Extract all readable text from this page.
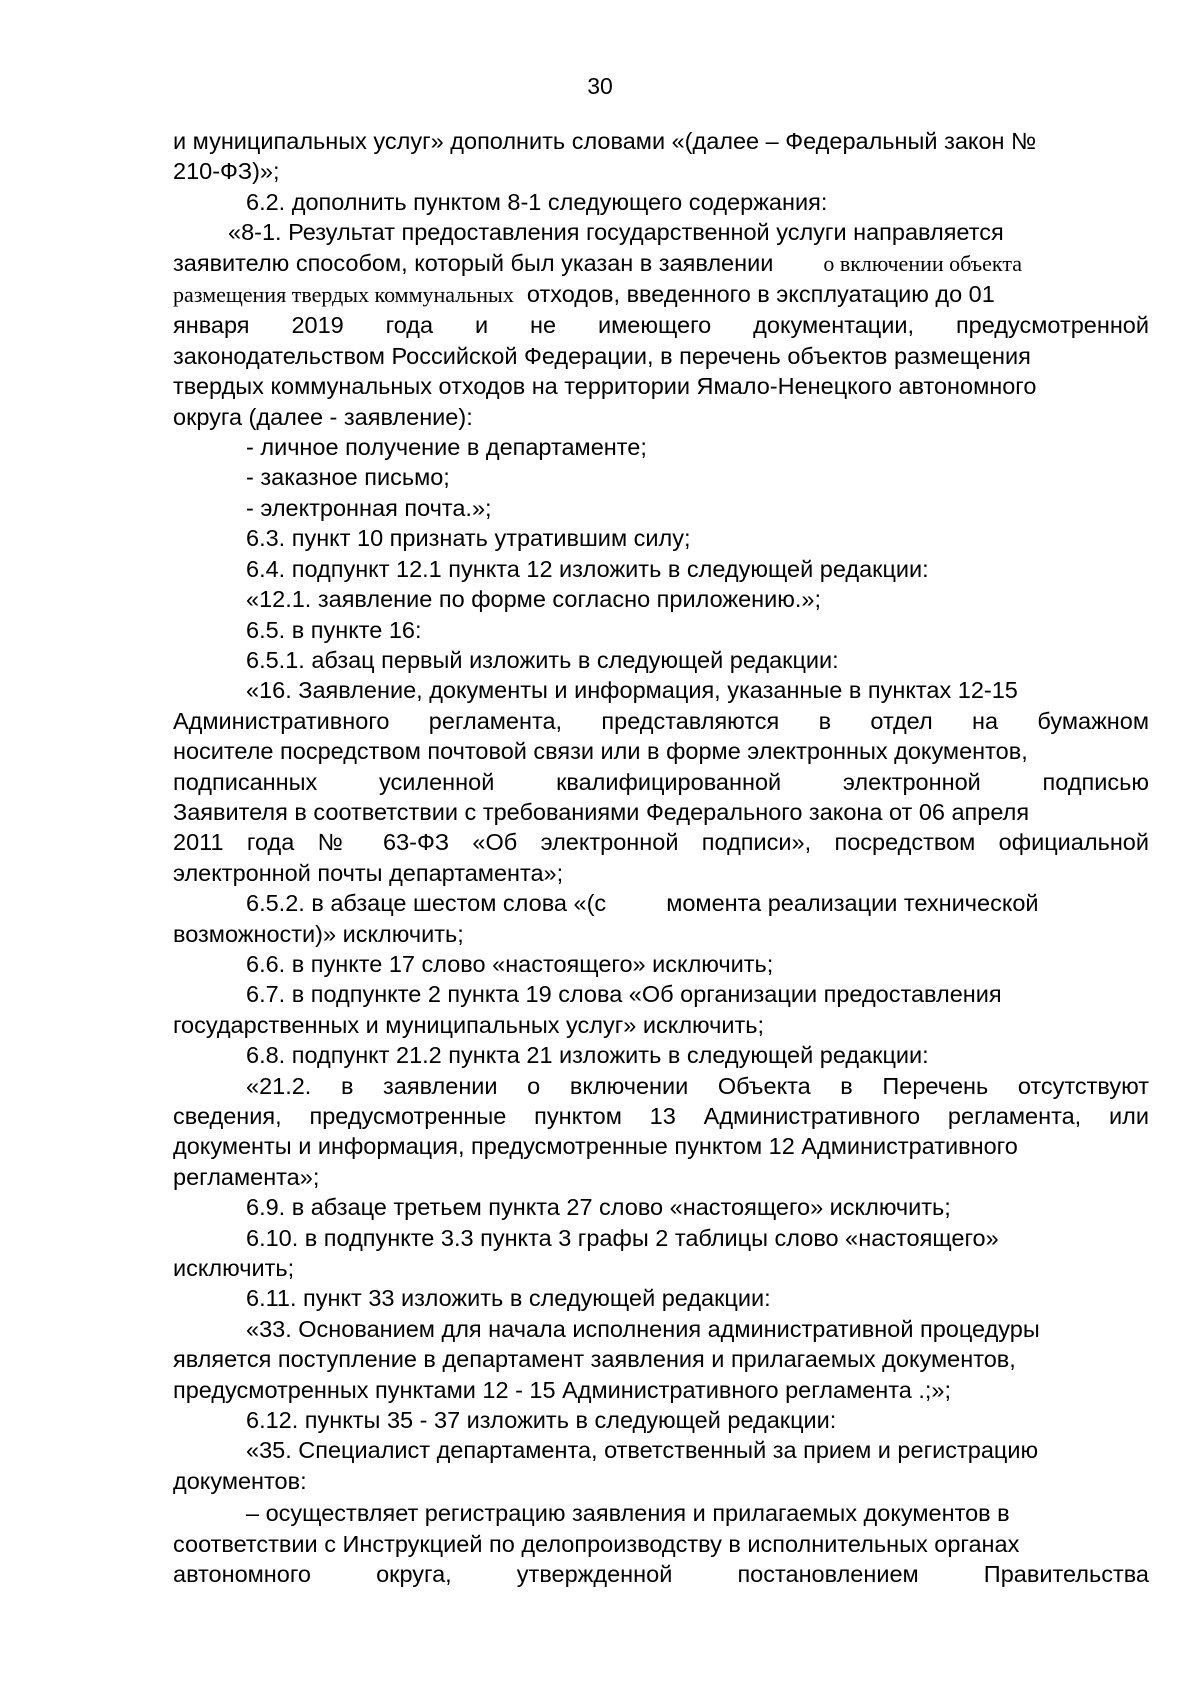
30

и муниципальных услуг» дополнить словами «(далее – Федеральный закон №
210-ФЗ)»;

6.2. дополнить пунктом 8-1 следующего содержания:

«8-1. Результат предоставления государственной услуги направляется
заявителю способом, который был указан в заявлении о включении объекта
размещения твердых коммунальных отходов, введенного в эксплуатацию до 01

января 2019 года и не имеющего документации, предусмотренной

законодательством Российской Федерации, в перечень объектов размещения

твердых коммунальных отходов на территории Ямало-Ненецкого автономного

округа (далее - заявление):

- личное получение в департаменте;

- заказное письмо;

- электронная почта.»;

6.3. пункт 10 признать утратившим силу;

6.4. подпункт 12.1 пункта 12 изложить в следующей редакции:

«12.1. заявление по форме согласно приложению.»;

6.5. в пункте 16:

6.5.1. абзац первый изложить в следующей редакции:

«16. Заявление, документы и информация, указанные в пунктах 12-15

Административного регламента, представляются в отдел на бумажном

носителе посредством почтовой связи или в форме электронных документов,

подписанных усиленной квалифицированной электронной подписью

Заявителя в соответствии с требованиями Федерального закона от 06 апреля

2011 года № 63-ФЗ «Об электронной подписи», посредством официальной

электронной почты департамента»;

6.5.2. в абзаце шестом слова «(с	момента реализации технической

возможности)» исключить;

6.6. в пункте 17 слово «настоящего» исключить;

6.7. в подпункте 2 пункта 19 слова «Об организации предоставления

государственных и муниципальных услуг» исключить;

6.8. подпункт 21.2 пункта 21 изложить в следующей редакции:

«21.2. в заявлении о включении Объекта в Перечень отсутствуют

сведения, предусмотренные пунктом 13 Административного регламента, или

документы и информация, предусмотренные пунктом 12 Административного

регламента»;

6.9. в абзаце третьем пункта 27 слово «настоящего» исключить;

6.10. в подпункте 3.3 пункта 3 графы 2 таблицы слово «настоящего»

исключить;

6.11. пункт 33 изложить в следующей редакции:

«33. Основанием для начала исполнения административной процедуры

является поступление в департамент заявления и прилагаемых документов,

предусмотренных пунктами 12 - 15 Административного регламента .;»;

6.12. пункты 35 - 37 изложить в следующей редакции:

«35. Специалист департамента, ответственный за прием и регистрацию

документов:

– осуществляет регистрацию заявления и прилагаемых документов в

соответствии с Инструкцией по делопроизводству в исполнительных органах

автономного округа, утвержденной постановлением Правительства
